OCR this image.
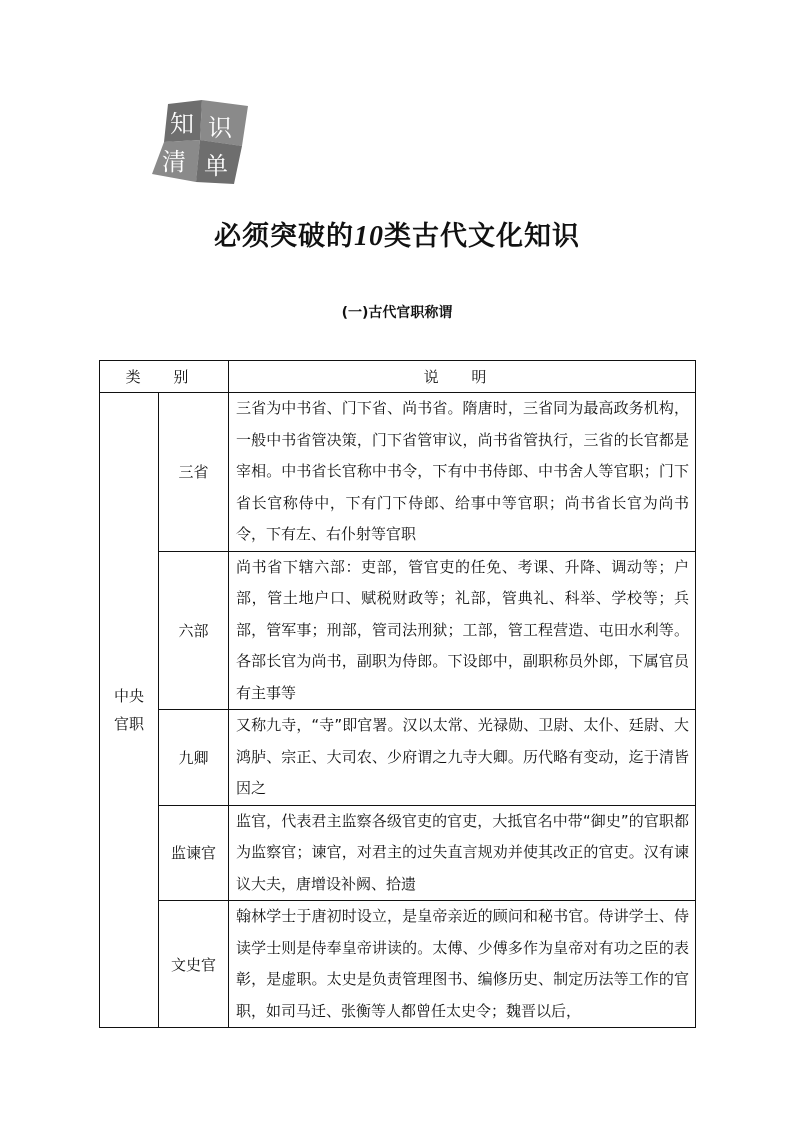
知 识
清 单
必须突破的10类古代文化知识
(一)古代官职称谓
类 别		说 明
中央
官职	三省	三省为中书省、门下省、尚书省。隋唐时，三省同为最高政务机构，一般中书省管决策，门下省管审议，尚书省管执行，三省的长官都是宰相。中书省长官称中书令，下有中书侍郎、中书舍人等官职；门下省长官称侍中，下有门下侍郎、给事中等官职；尚书省长官为尚书令，下有左、右仆射等官职
	六部	尚书省下辖六部：吏部，管官吏的任免、考课、升降、调动等；户部，管土地户口、赋税财政等；礼部，管典礼、科举、学校等；兵部，管军事；刑部，管司法刑狱；工部，管工程营造、屯田水利等。各部长官为尚书，副职为侍郎。下设郎中，副职称员外郎，下属官员有主事等
	九卿	又称九寺，“寺”即官署。汉以太常、光禄勋、卫尉、太仆、廷尉、大鸿胪、宗正、大司农、少府谓之九寺大卿。历代略有变动，迄于清皆因之
	监谏官	监官，代表君主监察各级官吏的官吏，大抵官名中带“御史”的官职都为监察官；谏官，对君主的过失直言规劝并使其改正的官吏。汉有谏议大夫，唐增设补阙、拾遗
	文史官	翰林学士于唐初时设立，是皇帝亲近的顾问和秘书官。侍讲学士、侍读学士则是侍奉皇帝讲读的。太傅、少傅多作为皇帝对有功之臣的表彰，是虚职。太史是负责管理图书、编修历史、制定历法等工作的官职，如司马迁、张衡等人都曾任太史令；魏晋以后，
